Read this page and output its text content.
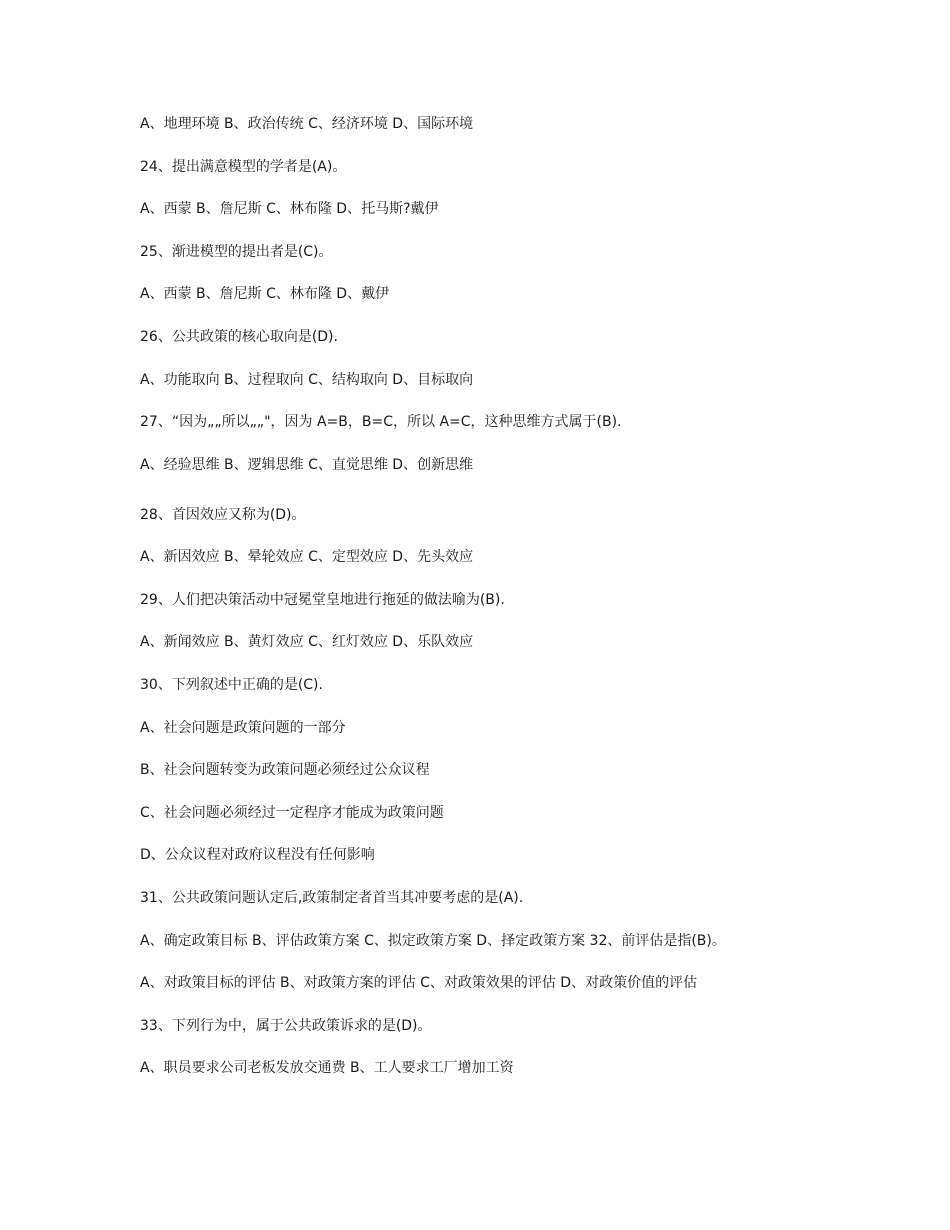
A、地理环境 B、政治传统 C、经济环境 D、国际环境
24、提出满意模型的学者是(A)。
A、西蒙 B、詹尼斯 C、林布隆 D、托马斯?戴伊
25、渐进模型的提出者是(C)。
A、西蒙 B、詹尼斯 C、林布隆 D、戴伊
26、公共政策的核心取向是(D).
A、功能取向 B、过程取向 C、结构取向 D、目标取向
27、“因为„„所以„„"，因为 A=B，B=C，所以 A=C，这种思维方式属于(B).
A、经验思维 B、逻辑思维 C、直觉思维 D、创新思维
28、首因效应又称为(D)。
A、新因效应 B、晕轮效应 C、定型效应 D、先头效应
29、人们把决策活动中冠冕堂皇地进行拖延的做法喻为(B).
A、新闻效应 B、黄灯效应 C、红灯效应 D、乐队效应
30、下列叙述中正确的是(C).
A、社会问题是政策问题的一部分
B、社会问题转变为政策问题必须经过公众议程
C、社会问题必须经过一定程序才能成为政策问题
D、公众议程对政府议程没有任何影响
31、公共政策问题认定后,政策制定者首当其冲要考虑的是(A).
A、确定政策目标 B、评估政策方案 C、拟定政策方案 D、择定政策方案 32、前评估是指(B)。
A、对政策目标的评估 B、对政策方案的评估 C、对政策效果的评估 D、对政策价值的评估
33、下列行为中，属于公共政策诉求的是(D)。
A、职员要求公司老板发放交通费 B、工人要求工厂增加工资
